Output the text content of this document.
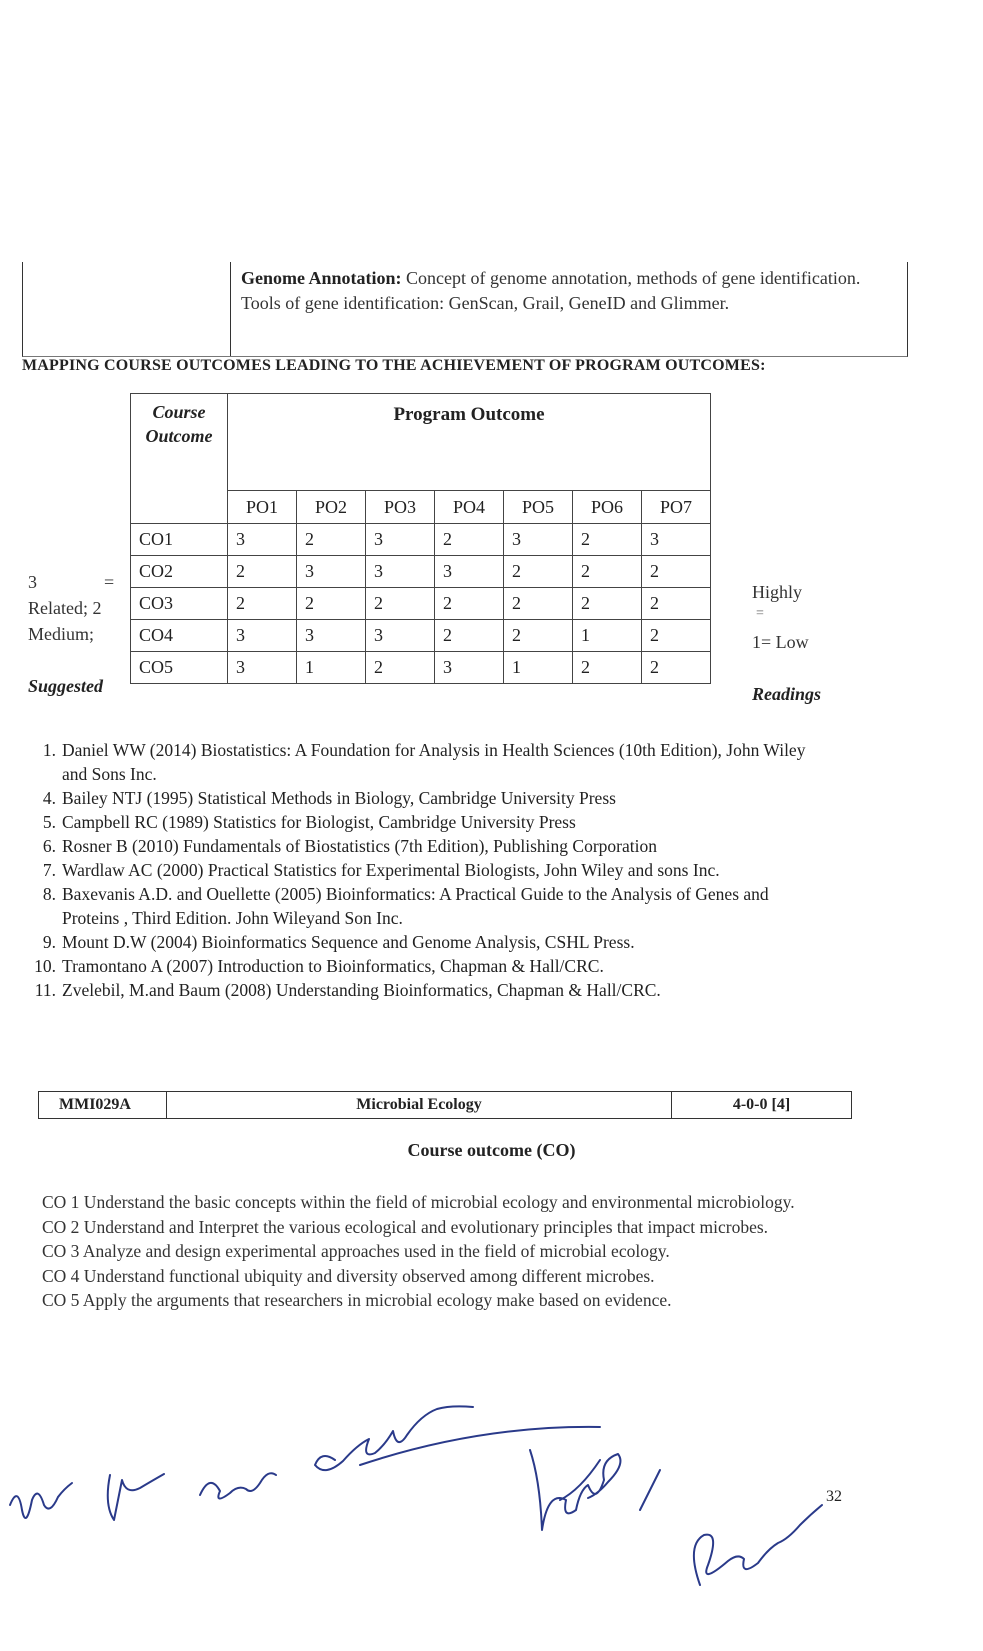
Genome Annotation: Concept of genome annotation, methods of gene identification. Tools of gene identification: GenScan, Grail, GeneID and Glimmer.
MAPPING COURSE OUTCOMES LEADING TO THE ACHIEVEMENT OF PROGRAM OUTCOMES:
Course
Outcome	Program Outcome						
	PO1	PO2	PO3	PO4	PO5	PO6	PO7
CO1	3	2	3	2	3	2	3
CO2	2	3	3	3	2	2	2
CO3	2	2	2	2	2	2	2
CO4	3	3	3	2	2	1	2
CO5	3	1	2	3	1	2	2
3	=
Related; 2
Medium;
Suggested
Highly
=
1= Low
Readings
1. Daniel WW (2014) Biostatistics: A Foundation for Analysis in Health Sciences (10th Edition), John Wiley and Sons Inc.
4. Bailey NTJ (1995) Statistical Methods in Biology, Cambridge University Press
5. Campbell RC (1989) Statistics for Biologist, Cambridge University Press
6. Rosner B (2010) Fundamentals of Biostatistics (7th Edition), Publishing Corporation
7. Wardlaw AC (2000) Practical Statistics for Experimental Biologists, John Wiley and sons Inc.
8. Baxevanis A.D. and Ouellette (2005) Bioinformatics: A Practical Guide to the Analysis of Genes and Proteins , Third Edition. John Wileyand Son Inc.
9. Mount D.W (2004) Bioinformatics Sequence and Genome Analysis, CSHL Press.
10. Tramontano A (2007) Introduction to Bioinformatics, Chapman & Hall/CRC.
11. Zvelebil, M.and Baum (2008) Understanding Bioinformatics, Chapman & Hall/CRC.
MMI029A	Microbial Ecology	4-0-0 [4]
Course outcome (CO)
CO 1 Understand the basic concepts within the field of microbial ecology and environmental microbiology.
CO 2 Understand and Interpret the various ecological and evolutionary principles that impact microbes.
CO 3 Analyze and design experimental approaches used in the field of microbial ecology.
CO 4 Understand functional ubiquity and diversity observed among different microbes.
CO 5 Apply the arguments that researchers in microbial ecology make based on evidence.
32
